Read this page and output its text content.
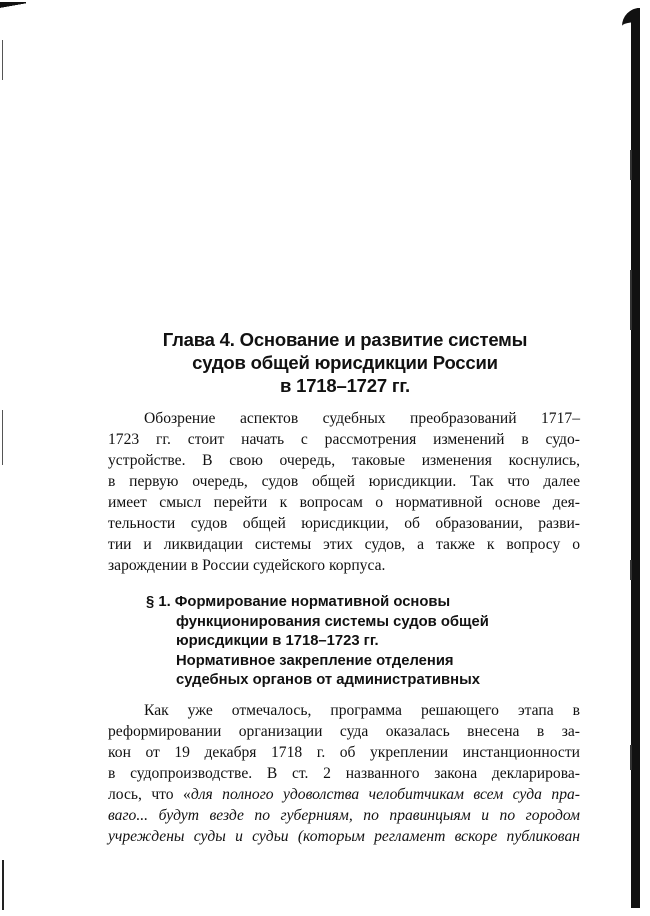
Глава 4. Основание и развитие системы
судов общей юрисдикции России
в 1718–1727 гг.
Обозрение аспектов судебных преобразований 1717–
1723 гг. стоит начать с рассмотрения изменений в судо-
устройстве. В свою очередь, таковые изменения коснулись,
в первую очередь, судов общей юрисдикции. Так что далее
имеет смысл перейти к вопросам о нормативной основе дея-
тельности судов общей юрисдикции, об образовании, разви-
тии и ликвидации системы этих судов, а также к вопросу о
зарождении в России судейского корпуса.
§ 1. Формирование нормативной основы
функционирования системы судов общей
юрисдикции в 1718–1723 гг.
Нормативное закрепление отделения
судебных органов от административных
Как уже отмечалось, программа решающего этапа в
реформировании организации суда оказалась внесена в за-
кон от 19 декабря 1718 г. об укреплении инстанционности
в судопроизводстве. В ст. 2 названного закона декларирова-
лось, что «для полного удоволства челобитчикам всем суда пра-
ваго... будут везде по губерниям, по правинцыям и по городом
учреждены суды и судьи (которым регламент вскоре публикован
